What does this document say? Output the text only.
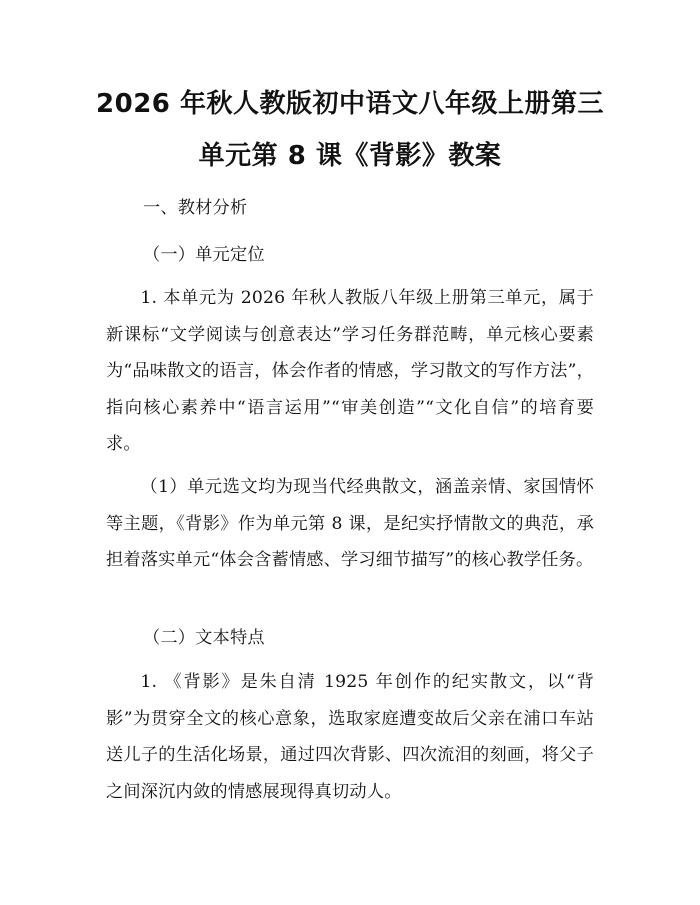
2026 年秋人教版初中语文八年级上册第三单元第 8 课《背影》教案
一、教材分析
（一）单元定位
1. 本单元为 2026 年秋人教版八年级上册第三单元，属于新课标“文学阅读与创意表达”学习任务群范畴，单元核心要素为“品味散文的语言，体会作者的情感，学习散文的写作方法”，指向核心素养中“语言运用”“审美创造”“文化自信”的培育要求。
（1）单元选文均为现当代经典散文，涵盖亲情、家国情怀等主题，《背影》作为单元第 8 课，是纪实抒情散文的典范，承担着落实单元“体会含蓄情感、学习细节描写”的核心教学任务。
（二）文本特点
1. 《背影》是朱自清 1925 年创作的纪实散文，以“背影”为贯穿全文的核心意象，选取家庭遭变故后父亲在浦口车站送儿子的生活化场景，通过四次背影、四次流泪的刻画，将父子之间深沉内敛的情感展现得真切动人。
